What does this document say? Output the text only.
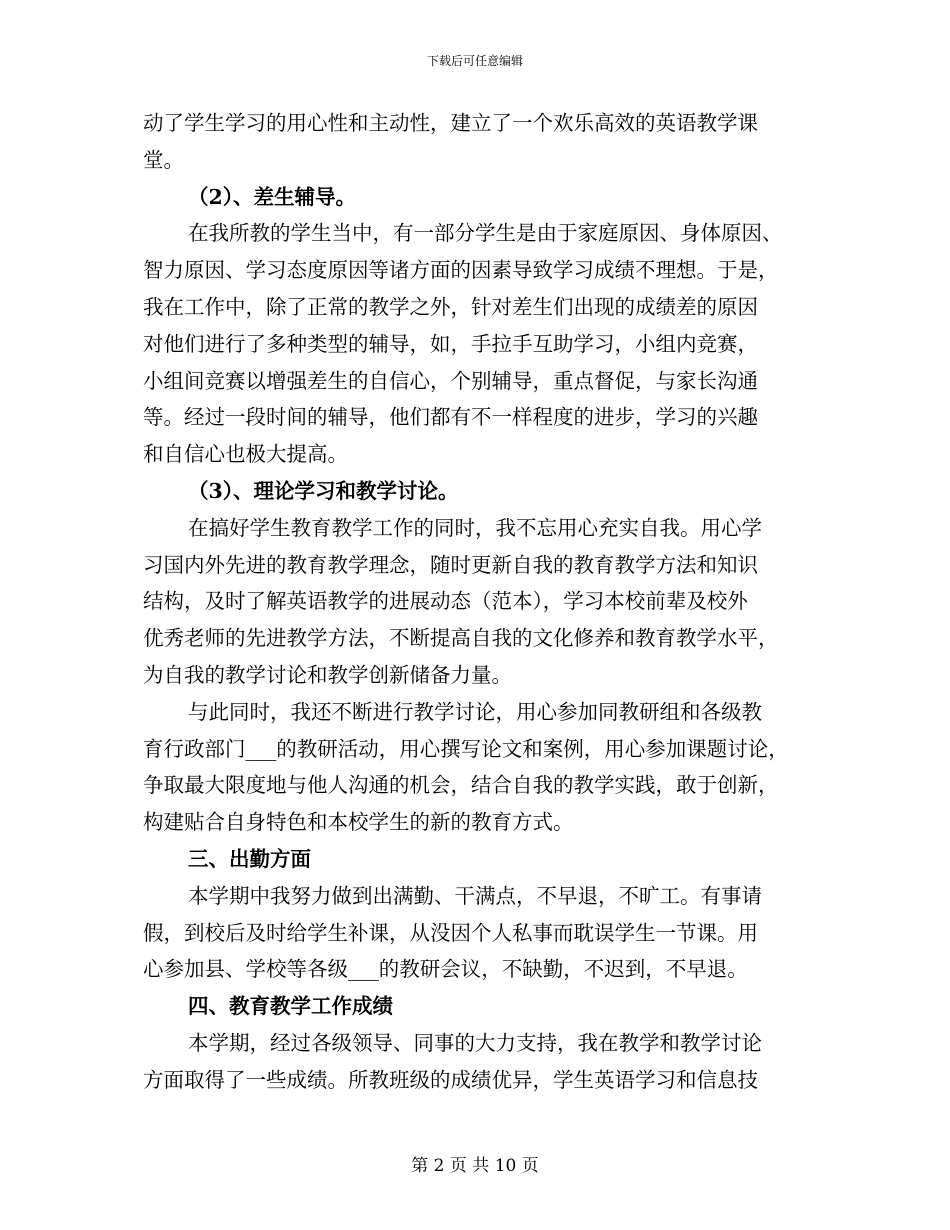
下载后可任意编辑
动了学生学习的用心性和主动性，建立了一个欢乐高效的英语教学课
堂。
（2）、差生辅导。
在我所教的学生当中，有一部分学生是由于家庭原因、身体原因、
智力原因、学习态度原因等诸方面的因素导致学习成绩不理想。于是，
我在工作中，除了正常的教学之外，针对差生们出现的成绩差的原因
对他们进行了多种类型的辅导，如，手拉手互助学习，小组内竞赛，
小组间竞赛以增强差生的自信心，个别辅导，重点督促，与家长沟通
等。经过一段时间的辅导，他们都有不一样程度的进步，学习的兴趣
和自信心也极大提高。
（3）、理论学习和教学讨论。
在搞好学生教育教学工作的同时，我不忘用心充实自我。用心学
习国内外先进的教育教学理念，随时更新自我的教育教学方法和知识
结构，及时了解英语教学的进展动态（范本），学习本校前辈及校外
优秀老师的先进教学方法，不断提高自我的文化修养和教育教学水平，
为自我的教学讨论和教学创新储备力量。
与此同时，我还不断进行教学讨论，用心参加同教研组和各级教
育行政部门___的教研活动，用心撰写论文和案例，用心参加课题讨论，
争取最大限度地与他人沟通的机会，结合自我的教学实践，敢于创新，
构建贴合自身特色和本校学生的新的教育方式。
三、出勤方面
本学期中我努力做到出满勤、干满点，不早退，不旷工。有事请
假，到校后及时给学生补课，从没因个人私事而耽误学生一节课。用
心参加县、学校等各级___的教研会议，不缺勤，不迟到，不早退。
四、教育教学工作成绩
本学期，经过各级领导、同事的大力支持，我在教学和教学讨论
方面取得了一些成绩。所教班级的成绩优异，学生英语学习和信息技
第 2 页 共 10 页
